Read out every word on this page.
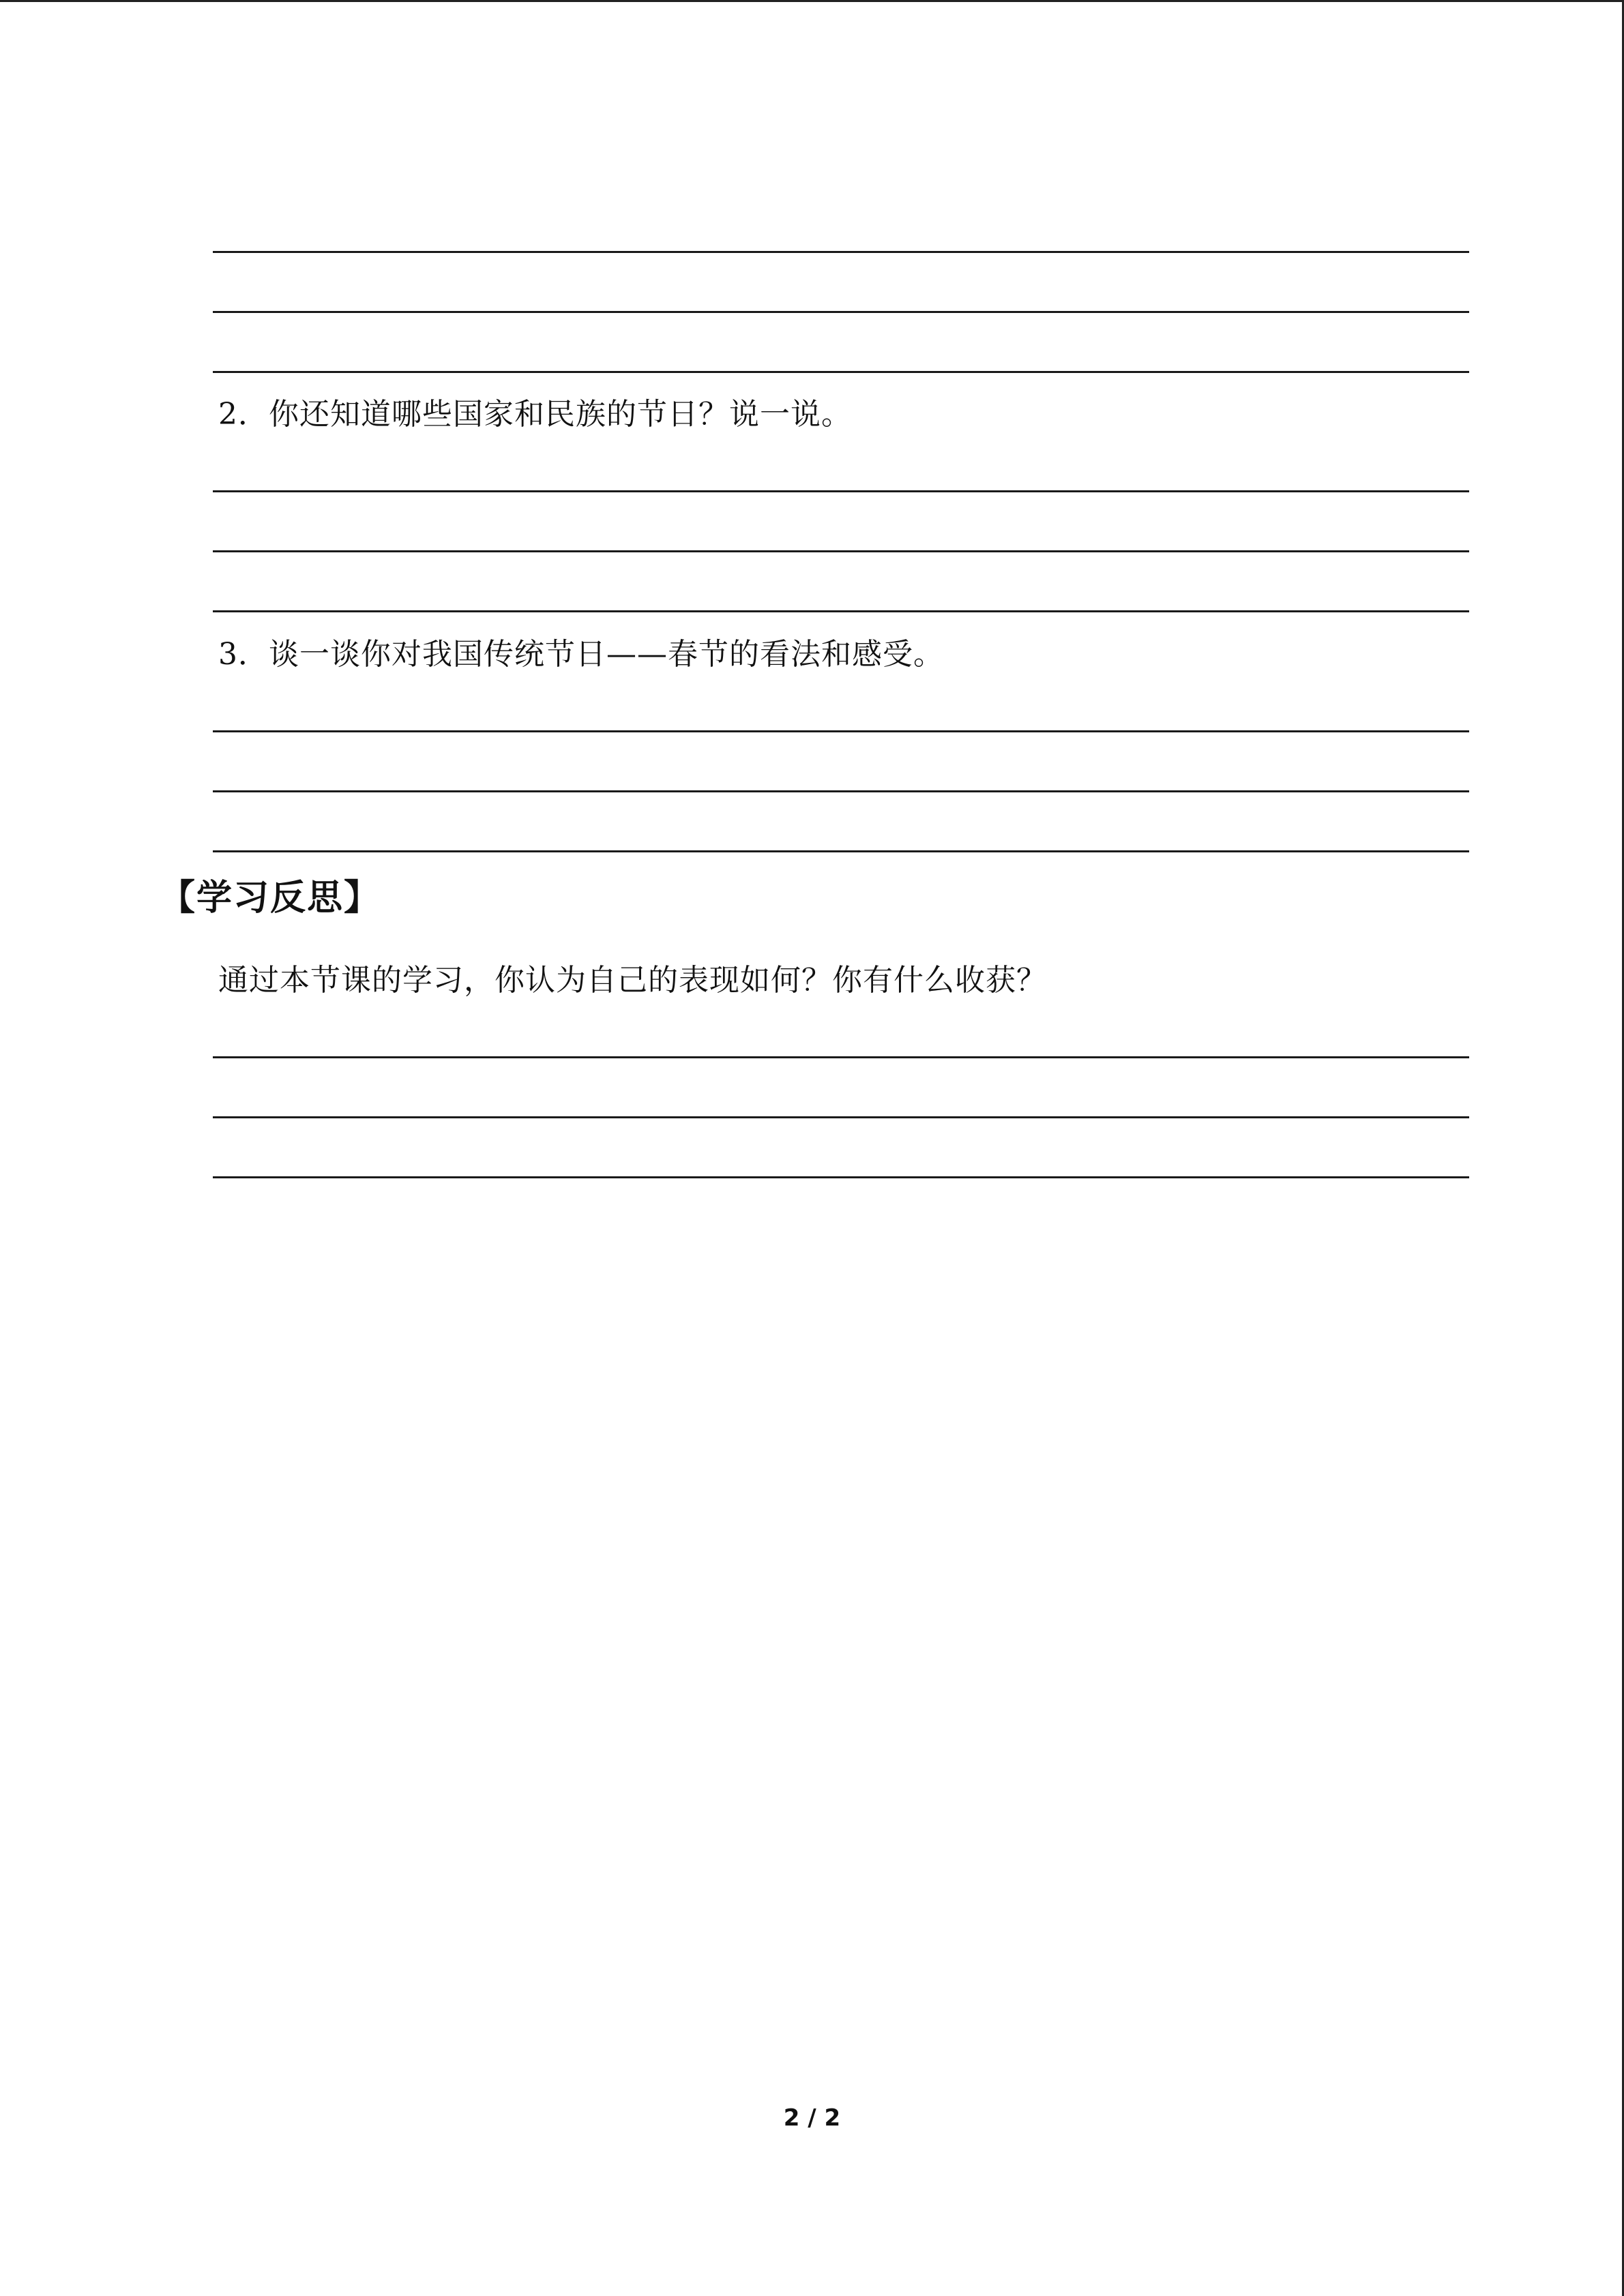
2．你还知道哪些国家和民族的节日？说一说。
3．谈一谈你对我国传统节日——春节的看法和感受。
【学习反思】
通过本节课的学习，你认为自己的表现如何？你有什么收获？
2 / 2
